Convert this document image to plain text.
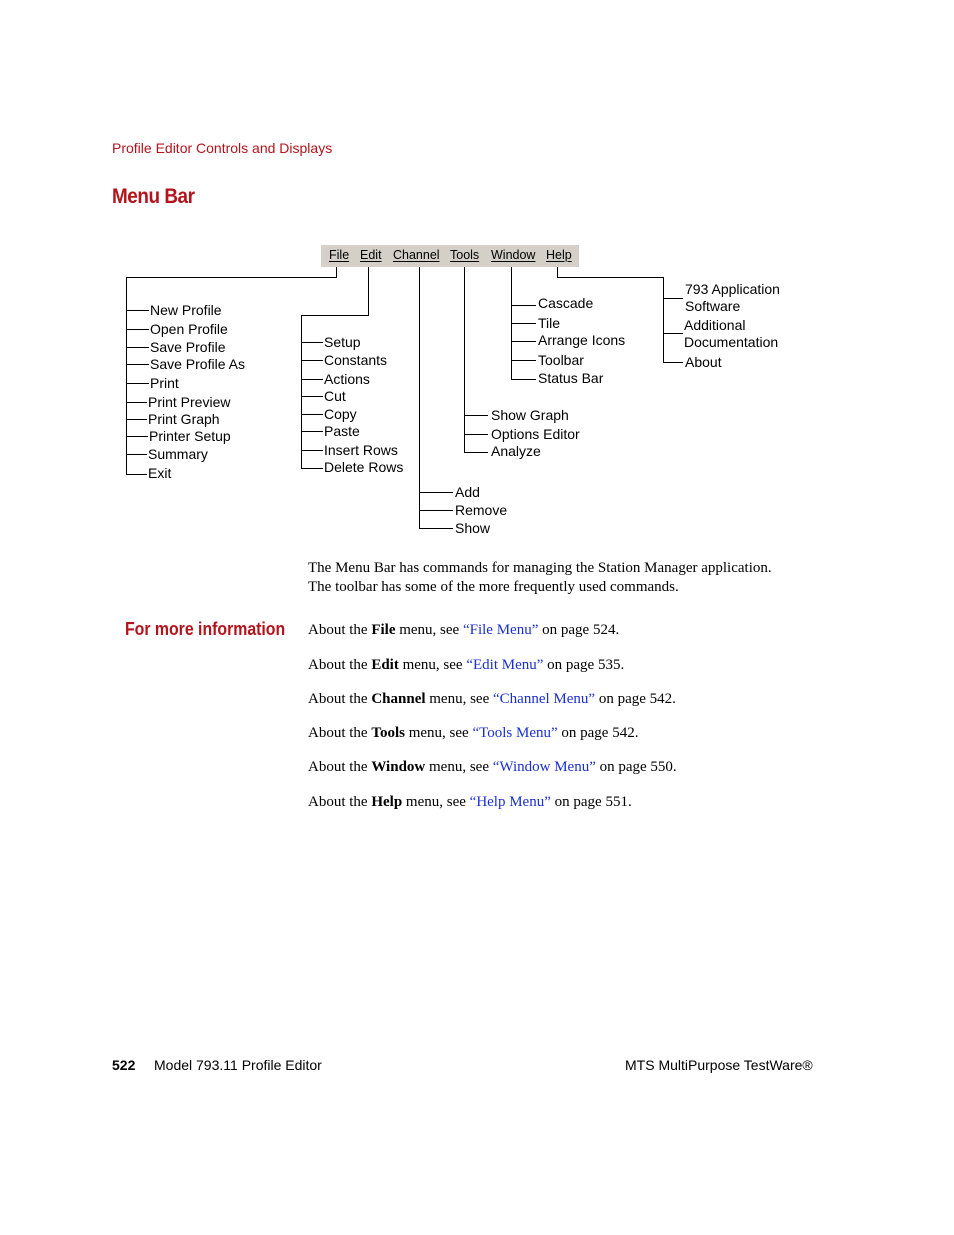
Profile Editor Controls and Displays
Menu Bar
File Edit Channel Tools Window Help
New Profile
Open Profile
Save Profile
Save Profile As
Print
Print Preview
Print Graph
Printer Setup
Summary
Exit
Setup
Constants
Actions
Cut
Copy
Paste
Insert Rows
Delete Rows
Add
Remove
Show
Show Graph
Options Editor
Analyze
Cascade
Tile
Arrange Icons
Toolbar
Status Bar
793 Application
Software
Additional
Documentation
About
The Menu Bar has commands for managing the Station Manager application.
The toolbar has some of the more frequently used commands.
For more information About the File menu, see “File Menu” on page 524.
About the Edit menu, see “Edit Menu” on page 535.
About the Channel menu, see “Channel Menu” on page 542.
About the Tools menu, see “Tools Menu” on page 542.
About the Window menu, see “Window Menu” on page 550.
About the Help menu, see “Help Menu” on page 551.
522 Model 793.11 Profile Editor	MTS MultiPurpose TestWare®
